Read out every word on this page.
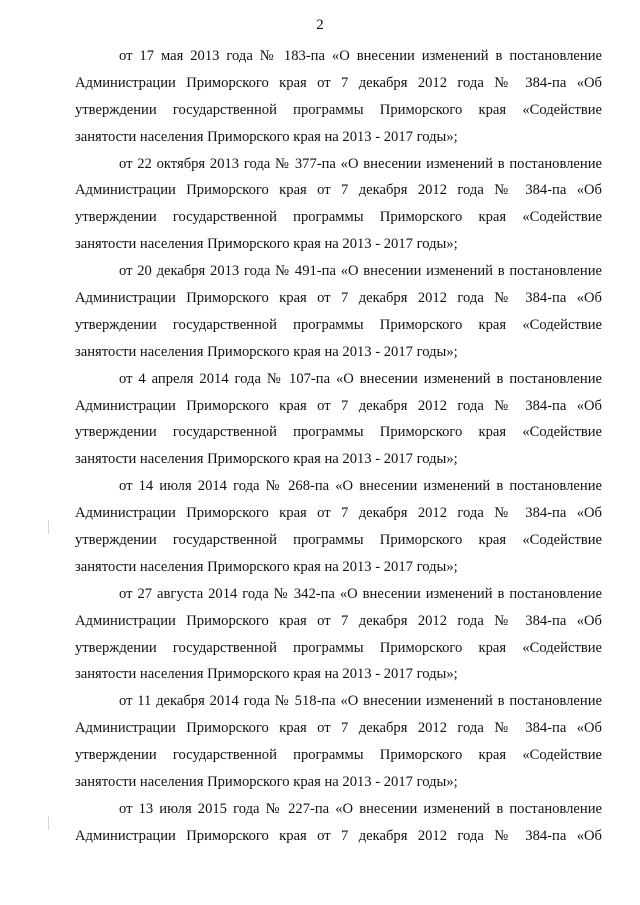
2

от 17 мая 2013 года № 183-па «О внесении изменений в постановление
Администрации Приморского края от 7 декабря 2012 года № 384-па «Об
утверждении государственной программы Приморского края «Содействие
занятости населения Приморского края на 2013 - 2017 годы»;

от 22 октября 2013 года № 377-па «О внесении изменений в постановление
Администрации Приморского края от 7 декабря 2012 года № 384-па «Об
утверждении государственной программы Приморского края «Содействие
занятости населения Приморского края на 2013 - 2017 годы»;

от 20 декабря 2013 года № 491-па «О внесении изменений в постановление
Администрации Приморского края от 7 декабря 2012 года № 384-па «Об
утверждении государственной программы Приморского края «Содействие
занятости населения Приморского края на 2013 - 2017 годы»;

от 4 апреля 2014 года № 107-па «О внесении изменений в постановление
Администрации Приморского края от 7 декабря 2012 года № 384-па «Об
утверждении государственной программы Приморского края «Содействие
занятости населения Приморского края на 2013 - 2017 годы»;

от 14 июля 2014 года № 268-па «О внесении изменений в постановление
Администрации Приморского края от 7 декабря 2012 года № 384-па «Об
утверждении государственной программы Приморского края «Содействие
занятости населения Приморского края на 2013 - 2017 годы»;

от 27 августа 2014 года № 342-па «О внесении изменений в постановление
Администрации Приморского края от 7 декабря 2012 года № 384-па «Об
утверждении государственной программы Приморского края «Содействие
занятости населения Приморского края на 2013 - 2017 годы»;

от 11 декабря 2014 года № 518-па «О внесении изменений в постановление
Администрации Приморского края от 7 декабря 2012 года № 384-па «Об
утверждении государственной программы Приморского края «Содействие
занятости населения Приморского края на 2013 - 2017 годы»;

от 13 июля 2015 года № 227-па «О внесении изменений в постановление
Администрации Приморского края от 7 декабря 2012 года № 384-па «Об
